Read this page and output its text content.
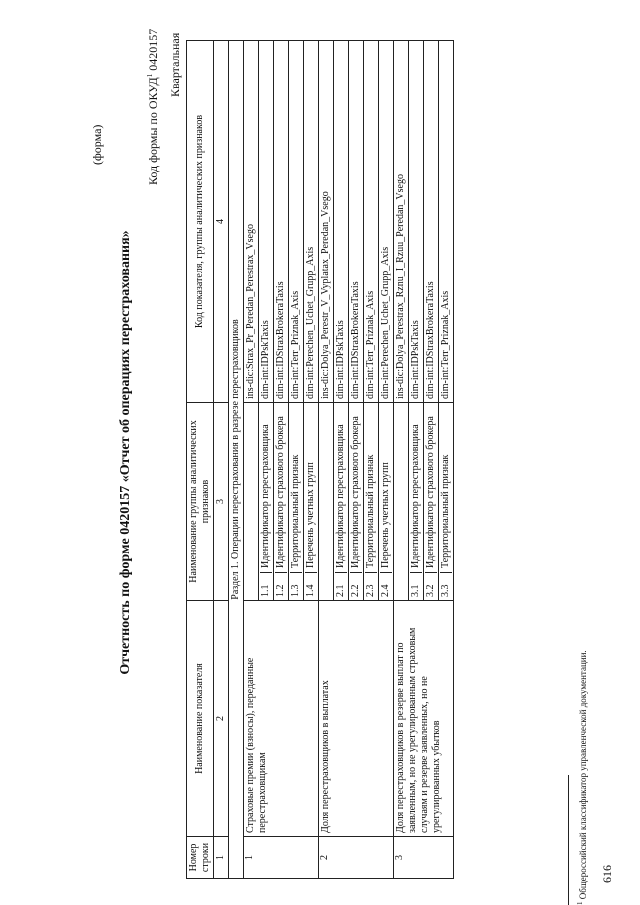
616
(форма)
Отчетность по форме 0420157 «Отчет об операциях перестрахования»
Код формы по ОКУД$^1$ 0420157 Квартальная
Номер строки	Наименование показателя	Наименование группы аналитических признаков	Код показателя, группы аналитических признаков
1	2	3	4
Раздел 1. Операции перестрахования в разрезе перестраховщиков			
1	Страховые премии (взносы), переданные перестраховщикам		ins-dic:Strax_Pr_Peredan_Perestrax_Vsego
		1.1Идентификатор перестраховщика	dim-int:IDPskTaxis
		1.2Идентификатор страхового брокера	dim-int:IDStraxBrokeraTaxis
		1.3Территориальный признак	dim-int:Terr_Priznak_Axis
		1.4Перечень учетных групп	dim-int:Perechen_Uchet_Grupp_Axis
2	Доля перестраховщиков в выплатах		ins-dic:Dolya_Perestr_V_Vyplatax_Peredan_Vsego
		2.1Идентификатор перестраховщика	dim-int:IDPskTaxis
		2.2Идентификатор страхового брокера	dim-int:IDStraxBrokeraTaxis
		2.3Территориальный признак	dim-int:Terr_Priznak_Axis
		2.4Перечень учетных групп	dim-int:Perechen_Uchet_Grupp_Axis
3	Доля перестраховщиков в резерве выплат по заявленным, но не урегулированным страховым случаям и резерве заявленных, но не урегулированных убытков		ins-dic:Dolya_Perestrax_Rznu_I_Rzuu_Peredan_Vsego
		3.1Идентификатор перестраховщика	dim-int:IDPskTaxis
		3.2Идентификатор страхового брокера	dim-int:IDStraxBrokeraTaxis
		3.3Территориальный признак	dim-int:Terr_Priznak_Axis
$^1$ Общероссийский классификатор управленческой документации.
